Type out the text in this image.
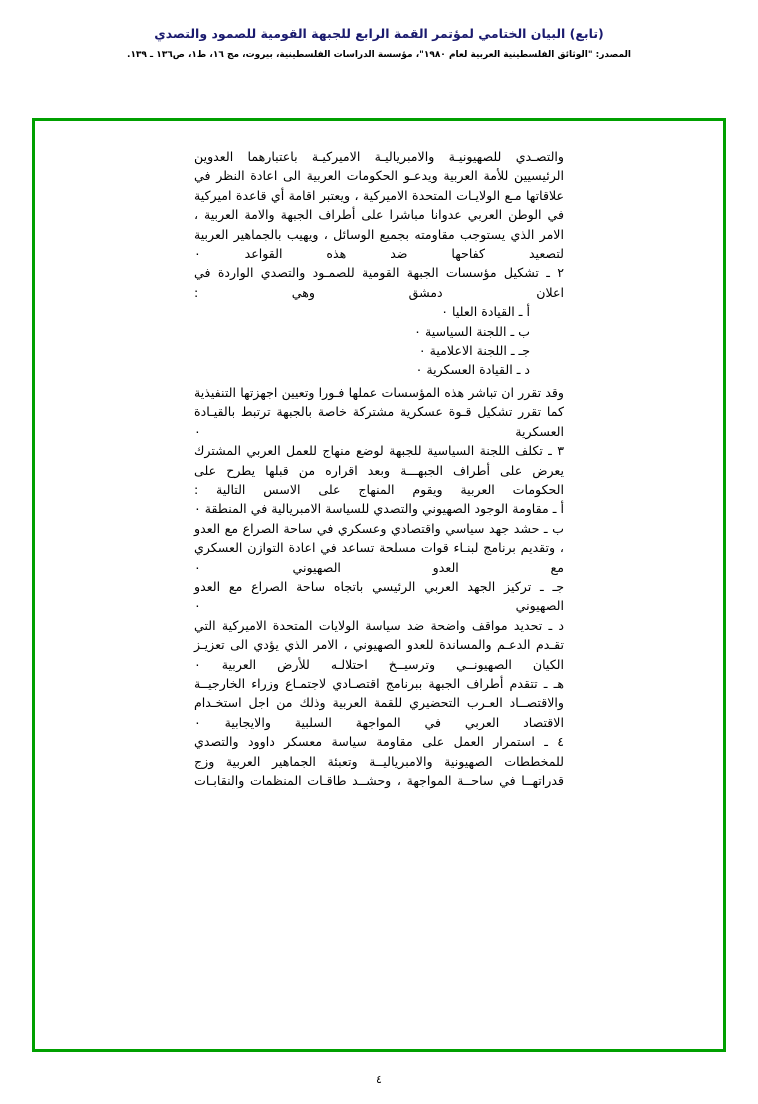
(تابع) البيان الختامي لمؤتمر القمة الرابع للجبهة القومية للصمود والتصدي
المصدر: "الوثائق الفلسطينية العربية لعام ١٩٨٠"، مؤسسة الدراسات الفلسطينية، بيروت، مج ١٦، ط١، ص١٣٦ ـ ١٣٩.

والتصـدي للصهيونيـة والامبرياليـة الاميركيـة باعتبارهما العدوين الرئيسيين للأمة العربية ويدعـو الحكومات العربية الى اعادة النظر في علاقاتها مـع الولايـات المتحدة الاميركية ، ويعتبر اقامة أي قاعدة اميركية في الوطن العربي عدوانا مباشرا على أطراف الجبهة والامة العربية ، الامر الذي يستوجب مقاومته بجميع الوسائل ، ويهيب بالجماهير العربية لتصعيد كفاحها ضد هذه القواعد ٠

٢ ـ تشكيل مؤسسات الجبهة القومية للصمـود والتصدي الواردة في اعلان دمشق وهي :

أ ـ القيادة العليا ٠

ب ـ اللجنة السياسية ٠

جـ ـ اللجنة الاعلامية ٠

د ـ القيادة العسكرية ٠

وقد تقرر ان تباشر هذه المؤسسات عملها فـورا وتعيين اجهزتها التنفيذية كما تقرر تشكيل قـوة عسكرية مشتركة خاصة بالجبهة ترتبط بالقيـادة العسكرية ٠

٣ ـ تكلف اللجنة السياسية للجبهة لوضع منهاج للعمل العربي المشترك يعرض على أطراف الجبهـــة وبعد اقراره من قبلها يطرح على الحكومات العربية ويقوم المنهاج على الاسس التالية :

أ ـ مقاومة الوجود الصهيوني والتصدي للسياسة الامبريالية في المنطقة ٠

ب ـ حشد جهد سياسي واقتصادي وعسكري في ساحة الصراع مع العدو ، وتقديم برنامج لبنـاء قوات مسلحة تساعد في اعادة التوازن العسكري مع العدو الصهيوني ٠

جـ ـ تركيز الجهد العربي الرئيسي باتجاه ساحة الصراع مع العدو الصهيوني ٠

د ـ تحديد مواقف واضحة ضد سياسة الولايات المتحدة الاميركية التي تقـدم الدعـم والمساندة للعدو الصهيوني ، الامر الذي يؤدي الى تعزيـز الكيان الصهيونــي وترسيــخ احتلالـه للأرض العربية ٠

هـ ـ تتقدم أطراف الجبهة ببرنامج اقتصـادي لاجتمـاع وزراء الخارجيــة والاقتصــاد العـرب التحضيري للقمة العربية وذلك من اجل استخـدام الاقتصاد العربي في المواجهة السلبية والايجابية ٠

٤ ـ استمرار العمل على مقاومة سياسة معسكر داوود والتصدي للمخططات الصهيونية والامبرياليــة وتعبئة الجماهير العربية وزج قدراتهــا في ساحــة المواجهة ، وحشــد طاقـات المنظمات والنقابـات

٤
